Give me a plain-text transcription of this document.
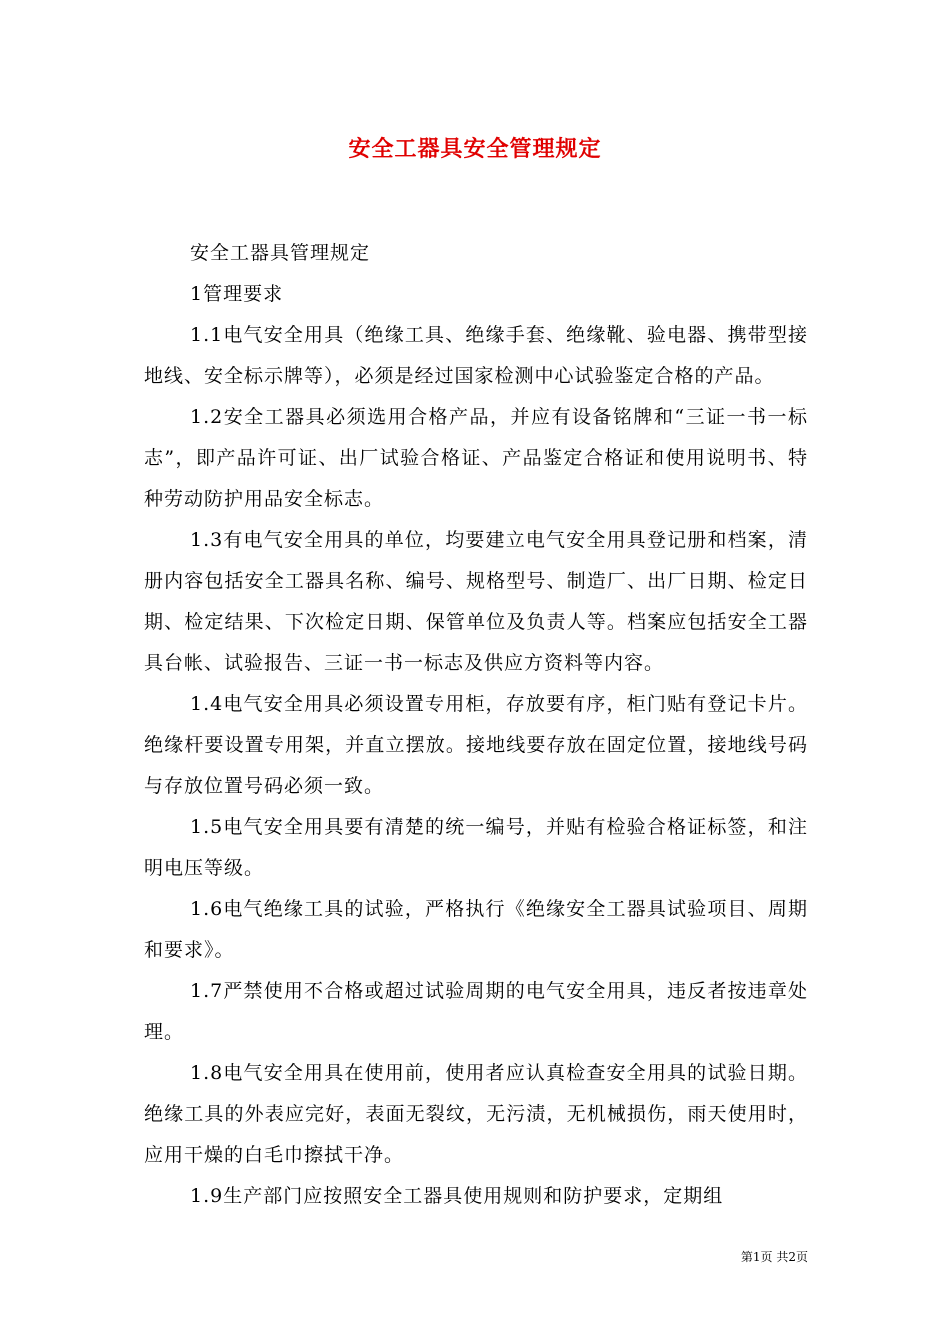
安全工器具安全管理规定

安全工器具管理规定

1管理要求

1.1电气安全用具（绝缘工具、绝缘手套、绝缘靴、验电器、携带型接地线、安全标示牌等），必须是经过国家检测中心试验鉴定合格的产品。

1.2安全工器具必须选用合格产品，并应有设备铭牌和“三证一书一标志”，即产品许可证、出厂试验合格证、产品鉴定合格证和使用说明书、特种劳动防护用品安全标志。

1.3有电气安全用具的单位，均要建立电气安全用具登记册和档案，清册内容包括安全工器具名称、编号、规格型号、制造厂、出厂日期、检定日期、检定结果、下次检定日期、保管单位及负责人等。档案应包括安全工器具台帐、试验报告、三证一书一标志及供应方资料等内容。

1.4电气安全用具必须设置专用柜，存放要有序，柜门贴有登记卡片。绝缘杆要设置专用架，并直立摆放。接地线要存放在固定位置，接地线号码与存放位置号码必须一致。

1.5电气安全用具要有清楚的统一编号，并贴有检验合格证标签，和注明电压等级。

1.6电气绝缘工具的试验，严格执行《绝缘安全工器具试验项目、周期和要求》。

1.7严禁使用不合格或超过试验周期的电气安全用具，违反者按违章处理。

1.8电气安全用具在使用前，使用者应认真检查安全用具的试验日期。绝缘工具的外表应完好，表面无裂纹，无污渍，无机械损伤，雨天使用时，应用干燥的白毛巾擦拭干净。

1.9生产部门应按照安全工器具使用规则和防护要求，定期组

第1页 共2页
